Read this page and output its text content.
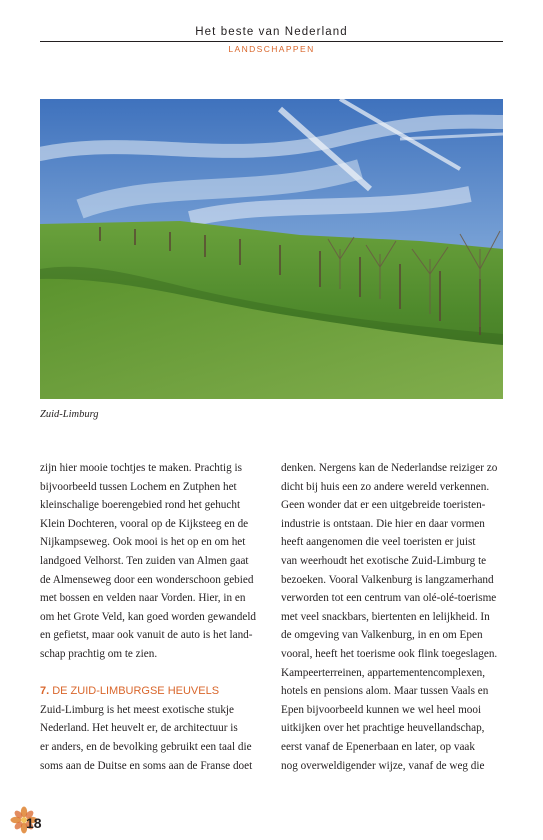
Het beste van Nederland
LANDSCHAPPEN
Zuid-Limburg
zijn hier mooie tochtjes te maken. Prachtig is
bijvoorbeeld tussen Lochem en Zutphen het
kleinschalige boerengebied rond het gehucht
Klein Dochteren, vooral op de Kijksteeg en de
Nijkampseweg. Ook mooi is het op en om het
landgoed Velhorst. Ten zuiden van Almen gaat
de Almenseweg door een wonderschoon gebied
met bossen en velden naar Vorden. Hier, in en
om het Grote Veld, kan goed worden gewandeld
en gefietst, maar ook vanuit de auto is het land-
schap prachtig om te zien.
7. DE ZUID-LIMBURGSE HEUVELS
Zuid-Limburg is het meest exotische stukje
Nederland. Het heuvelt er, de architectuur is
er anders, en de bevolking gebruikt een taal die
soms aan de Duitse en soms aan de Franse doet
denken. Nergens kan de Nederlandse reiziger zo
dicht bij huis een zo andere wereld verkennen.
Geen wonder dat er een uitgebreide toeristen-
industrie is ontstaan. Die hier en daar vormen
heeft aangenomen die veel toeristen er juist
van weerhoudt het exotische Zuid-Limburg te
bezoeken. Vooral Valkenburg is langzamerhand
verworden tot een centrum van olé-olé-toerisme
met veel snackbars, biertenten en lelijkheid. In
de omgeving van Valkenburg, in en om Epen
vooral, heeft het toerisme ook flink toegeslagen.
Kampeerterreinen, appartementencomplexen,
hotels en pensions alom. Maar tussen Vaals en
Epen bijvoorbeeld kunnen we wel heel mooi
uitkijken over het prachtige heuvellandschap,
eerst vanaf de Epenerbaan en later, op vaak
nog overweldigender wijze, vanaf de weg die
18
